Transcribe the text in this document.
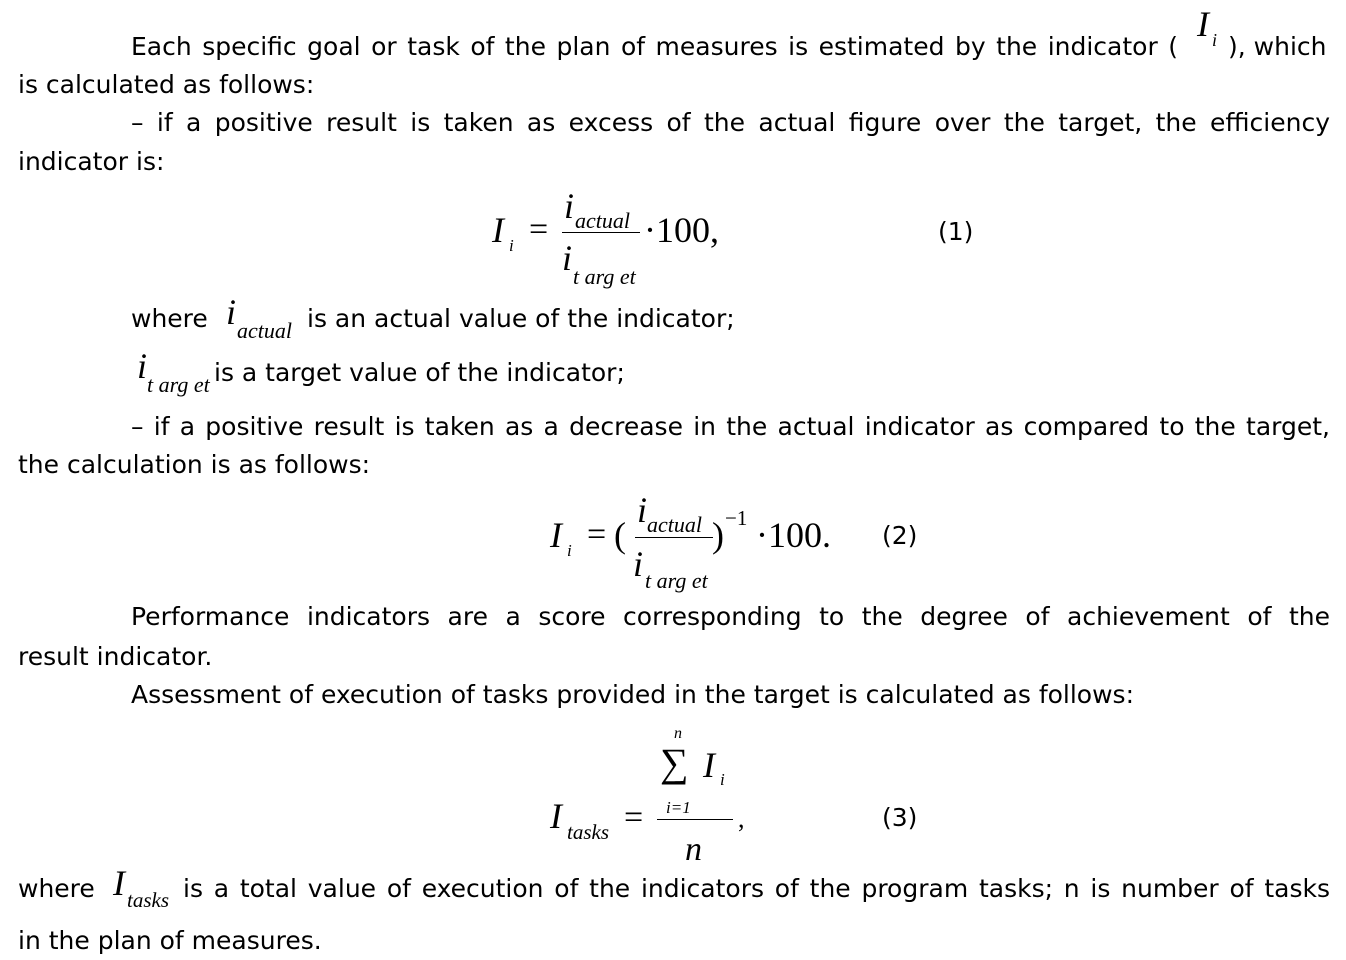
Each specific goal or task of the plan of measures is estimated by the indicator (
I i ), which
is calculated as follows:
– if a positive result is taken as excess of the actual figure over the target, the efficiency
indicator is:
I i =
i actual
i t arg et
·100,	(1)
where i actual is an actual value of the indicator;
i t arg et is a target value of the indicator;
– if a positive result is taken as a decrease in the actual indicator as compared to the target,
the calculation is as follows:
I i = (
i actual
i t arg et
) −1 ·100. (2)
Performance indicators are a score corresponding to the degree of achievement of the
result indicator.
Assessment of execution of tasks provided in the target is calculated as follows:
I tasks =
n
∑ I i
i=1
n
,	(3)
where I tasks is a total value of execution of the indicators of the program tasks; n is number of tasks
in the plan of measures.
